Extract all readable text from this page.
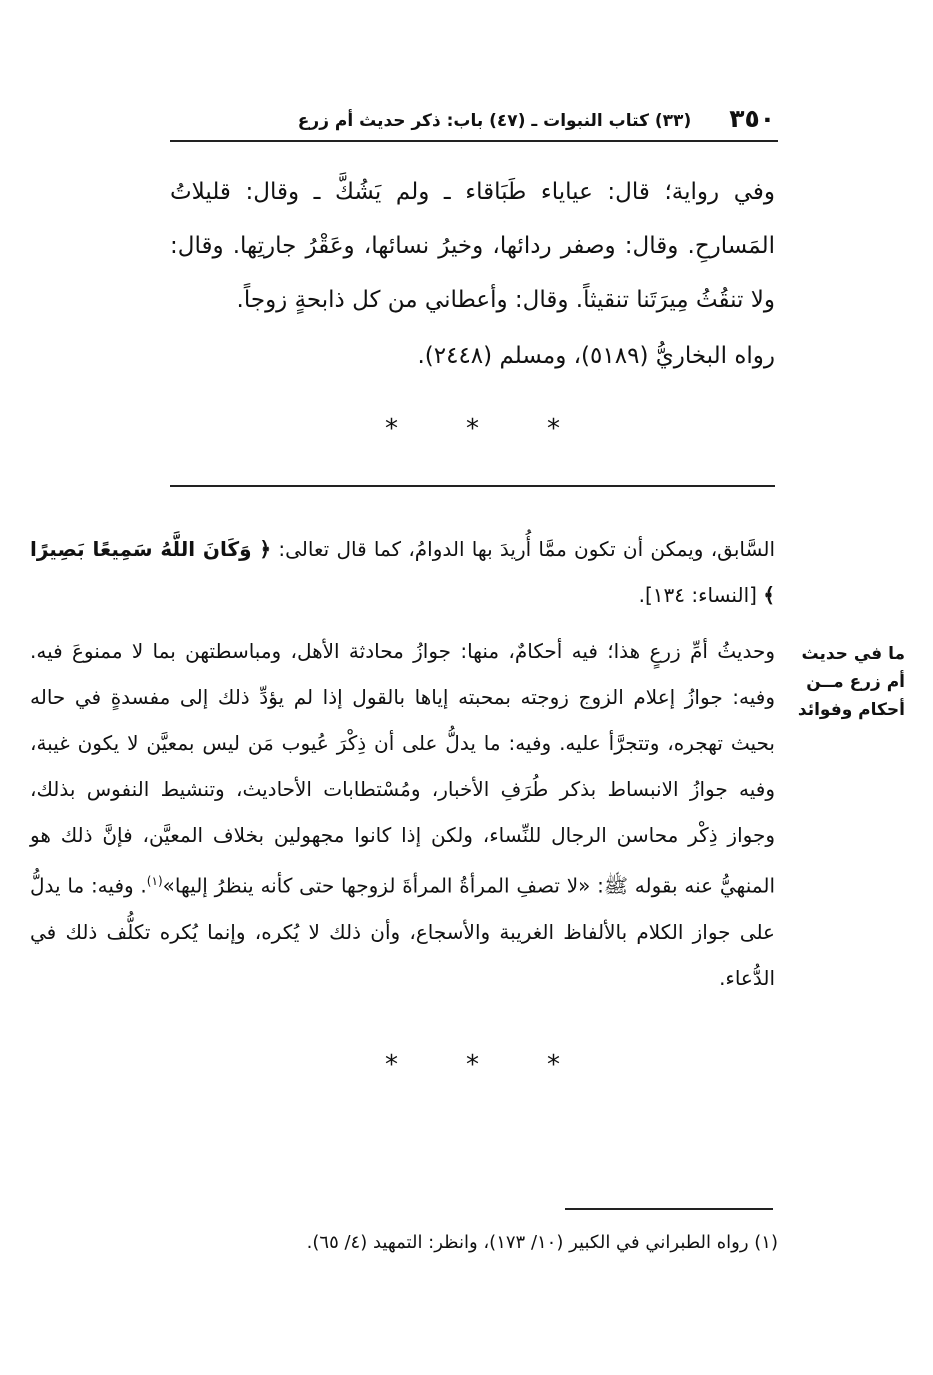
٣٥٠
(٣٣) كتاب النبوات ـ (٤٧) باب: ذكر حديث أم زرع
وفي رواية؛ قال: عياياء طَبَاقاء ـ ولم يَشُكَّ ـ وقال: قليلاتُ المَسارحِ. وقال: وصفر ردائها، وخيرُ نسائها، وعَقْرُ جارتِها. وقال: ولا تنقُثُ مِيرَتَنا تنقيثاً. وقال: وأعطاني من كل ذابحةٍ زوجاً.
رواه البخاريُّ (٥١٨٩)، ومسلم (٢٤٤٨).
*	*	*
السَّابق، ويمكن أن تكون ممَّا أُريدَ بها الدوامُ، كما قال تعالى: ﴿ وَكَانَ اللَّهُ سَمِيعًا بَصِيرًا ﴾ [النساء: ١٣٤].
وحديثُ أمِّ زرعٍ هذا؛ فيه أحكامٌ، منها: جوازُ محادثة الأهل، ومباسطتهن بما لا ممنوعَ فيه. وفيه: جوازُ إعلام الزوج زوجته بمحبته إياها بالقول إذا لم يؤدِّ ذلك إلى مفسدةٍ في حاله بحيث تهجره، وتتجرَّأ عليه. وفيه: ما يدلُّ على أن ذِكْرَ عُيوب مَن ليس بمعيَّن لا يكون غيبة، وفيه جوازُ الانبساط بذكر طُرَفِ الأخبار، ومُسْتطابات الأحاديث، وتنشيط النفوس بذلك، وجواز ذِكْر محاسن الرجال للنِّساء، ولكن إذا كانوا مجهولين بخلاف المعيَّن، فإنَّ ذلك هو المنهيُّ عنه بقوله ﷺ: «لا تصفِ المرأةُ المرأةَ لزوجها حتى كأنه ينظرُ إليها»$^{(١)}$. وفيه: ما يدلُّ على جواز الكلام بالألفاظ الغريبة والأسجاع، وأن ذلك لا يُكره، وإنما يُكره تكلُّف ذلك في الدُّعاء.
ما في حديث
أم زرع مــن
أحكام وفوائد
*	*	*
(١) رواه الطبراني في الكبير (١٠/ ١٧٣)، وانظر: التمهيد (٤/ ٦٥).
